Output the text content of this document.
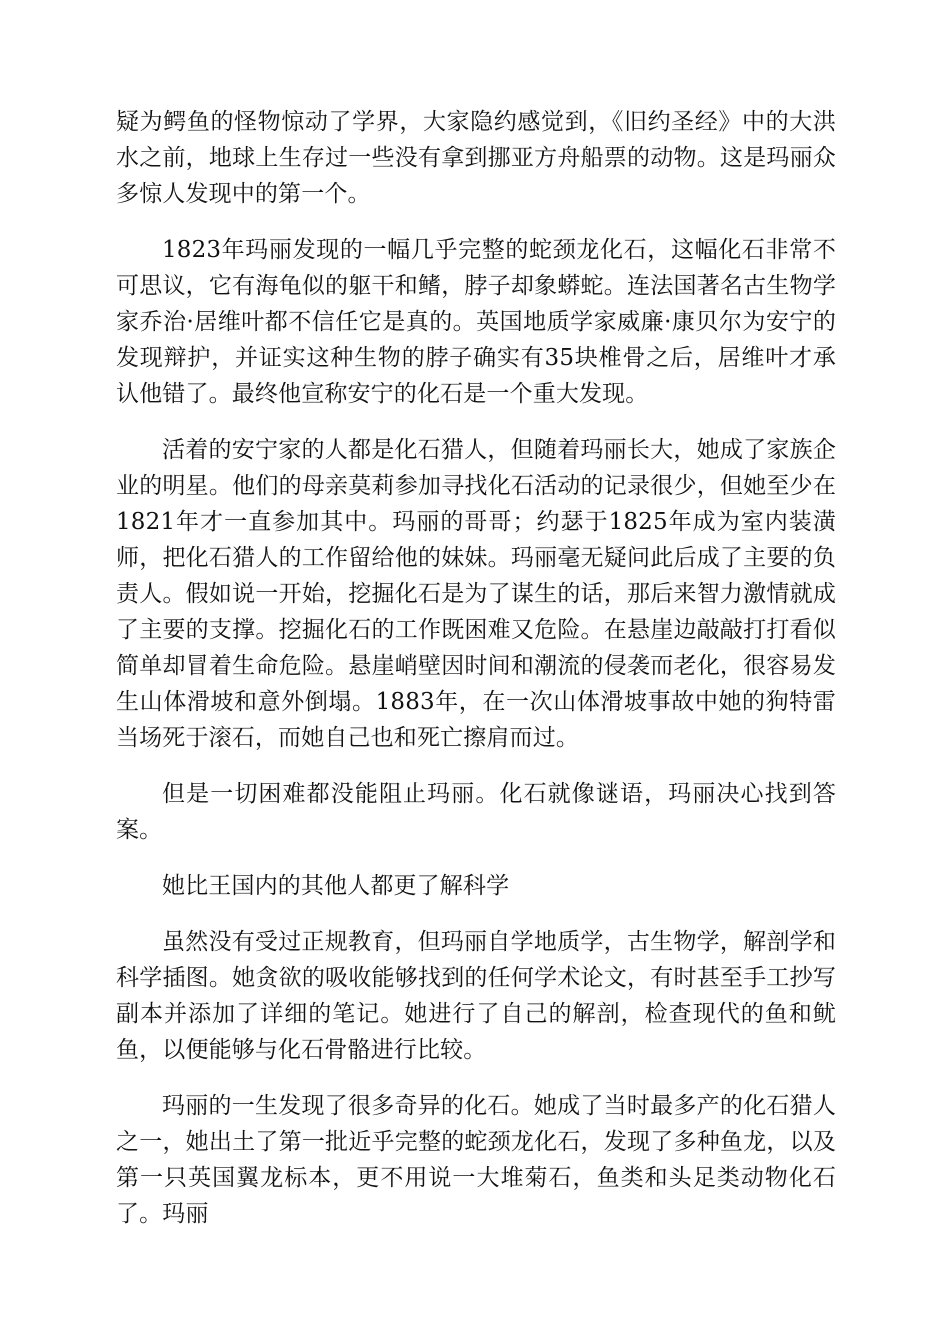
疑为鳄鱼的怪物惊动了学界，大家隐约感觉到，《旧约圣经》中的大洪水之前，地球上生存过一些没有拿到挪亚方舟船票的动物。这是玛丽众多惊人发现中的第一个。

1823年玛丽发现的一幅几乎完整的蛇颈龙化石，这幅化石非常不可思议，它有海龟似的躯干和鳍，脖子却象蟒蛇。连法国著名古生物学家乔治·居维叶都不信任它是真的。英国地质学家威廉·康贝尔为安宁的发现辩护，并证实这种生物的脖子确实有35块椎骨之后，居维叶才承认他错了。最终他宣称安宁的化石是一个重大发现。

活着的安宁家的人都是化石猎人，但随着玛丽长大，她成了家族企业的明星。他们的母亲莫莉参加寻找化石活动的记录很少，但她至少在1821年才一直参加其中。玛丽的哥哥；约瑟于1825年成为室内装潢师，把化石猎人的工作留给他的妹妹。玛丽毫无疑问此后成了主要的负责人。假如说一开始，挖掘化石是为了谋生的话，那后来智力激情就成了主要的支撑。挖掘化石的工作既困难又危险。在悬崖边敲敲打打看似简单却冒着生命危险。悬崖峭壁因时间和潮流的侵袭而老化，很容易发生山体滑坡和意外倒塌。1883年，在一次山体滑坡事故中她的狗特雷当场死于滚石，而她自己也和死亡擦肩而过。

但是一切困难都没能阻止玛丽。化石就像谜语，玛丽决心找到答案。

她比王国内的其他人都更了解科学

虽然没有受过正规教育，但玛丽自学地质学，古生物学，解剖学和科学插图。她贪欲的吸收能够找到的任何学术论文，有时甚至手工抄写副本并添加了详细的笔记。她进行了自己的解剖，检查现代的鱼和鱿鱼，以便能够与化石骨骼进行比较。

玛丽的一生发现了很多奇异的化石。她成了当时最多产的化石猎人之一，她出土了第一批近乎完整的蛇颈龙化石，发现了多种鱼龙，以及第一只英国翼龙标本，更不用说一大堆菊石，鱼类和头足类动物化石了。玛丽
